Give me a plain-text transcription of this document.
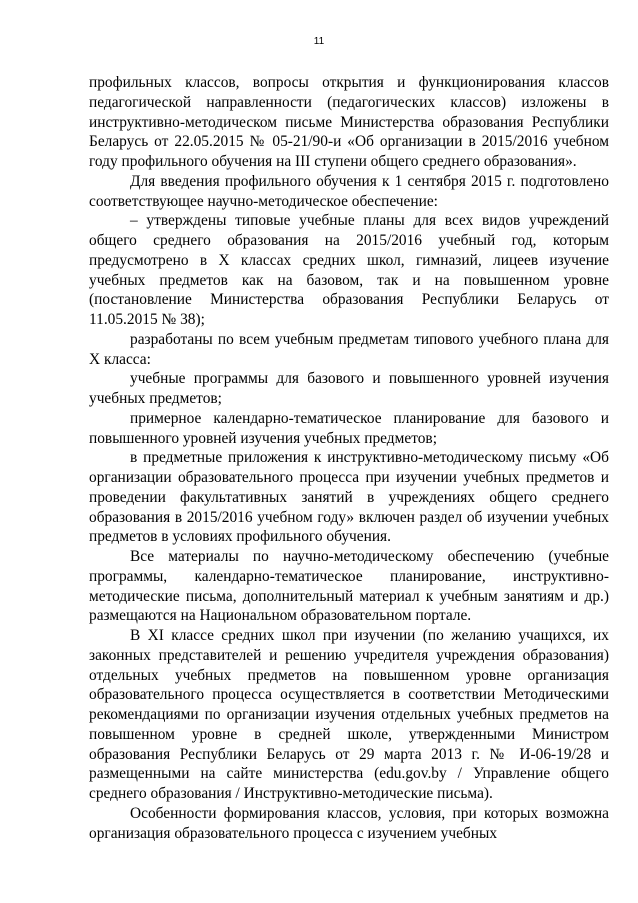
11

профильных классов, вопросы открытия и функционирования классов педагогической направленности (педагогических классов) изложены в инструктивно-методическом письме Министерства образования Республики Беларусь от 22.05.2015 № 05-21/90-и «Об организации в 2015/2016 учебном году профильного обучения на III ступени общего среднего образования».

Для введения профильного обучения к 1 сентября 2015 г. подготовлено соответствующее научно-методическое обеспечение:

– утверждены типовые учебные планы для всех видов учреждений общего среднего образования на 2015/2016 учебный год, которым предусмотрено в X классах средних школ, гимназий, лицеев изучение учебных предметов как на базовом, так и на повышенном уровне (постановление Министерства образования Республики Беларусь от 11.05.2015 № 38);

разработаны по всем учебным предметам типового учебного плана для X класса:

учебные программы для базового и повышенного уровней изучения учебных предметов;

примерное календарно-тематическое планирование для базового и повышенного уровней изучения учебных предметов;

в предметные приложения к инструктивно-методическому письму «Об организации образовательного процесса при изучении учебных предметов и проведении факультативных занятий в учреждениях общего среднего образования в 2015/2016 учебном году» включен раздел об изучении учебных предметов в условиях профильного обучения.

Все материалы по научно-методическому обеспечению (учебные программы, календарно-тематическое планирование, инструктивно-методические письма, дополнительный материал к учебным занятиям и др.) размещаются на Национальном образовательном портале.

В XI классе средних школ при изучении (по желанию учащихся, их законных представителей и решению учредителя учреждения образования) отдельных учебных предметов на повышенном уровне организация образовательного процесса осуществляется в соответствии Методическими рекомендациями по организации изучения отдельных учебных предметов на повышенном уровне в средней школе, утвержденными Министром образования Республики Беларусь от 29 марта 2013 г. № И-06-19/28 и размещенными на сайте министерства (edu.gov.by / Управление общего среднего образования / Инструктивно-методические письма).

Особенности формирования классов, условия, при которых возможна организация образовательного процесса с изучением учебных
